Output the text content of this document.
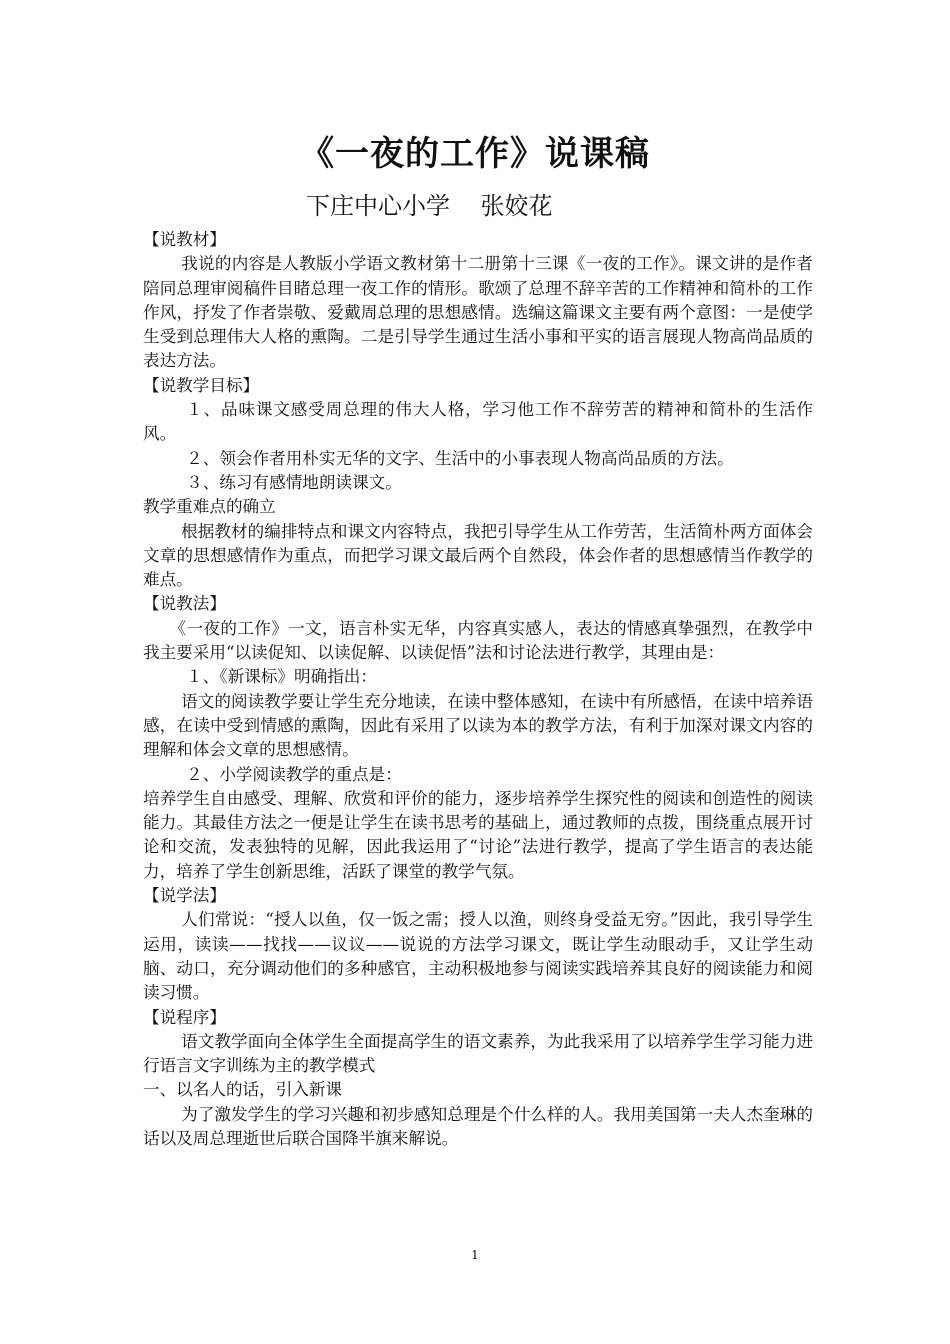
《一夜的工作》说课稿
下庄中心小学    张姣花

【说教材】

我说的内容是人教版小学语文教材第十二册第十三课《一夜的工作》。课文讲的是作者陪同总理审阅稿件目睹总理一夜工作的情形。歌颂了总理不辞辛苦的工作精神和简朴的工作作风，抒发了作者崇敬、爱戴周总理的思想感情。选编这篇课文主要有两个意图：一是使学生受到总理伟大人格的熏陶。二是引导学生通过生活小事和平实的语言展现人物高尚品质的表达方法。

【说教学目标】

１、品味课文感受周总理的伟大人格，学习他工作不辞劳苦的精神和简朴的生活作风。

２、领会作者用朴实无华的文字、生活中的小事表现人物高尚品质的方法。

３、练习有感情地朗读课文。

教学重难点的确立

根据教材的编排特点和课文内容特点，我把引导学生从工作劳苦，生活简朴两方面体会文章的思想感情作为重点，而把学习课文最后两个自然段，体会作者的思想感情当作教学的难点。

【说教法】

《一夜的工作》一文，语言朴实无华，内容真实感人，表达的情感真挚强烈，在教学中我主要采用“以读促知、以读促解、以读促悟”法和讨论法进行教学，其理由是：

１、《新课标》明确指出：

语文的阅读教学要让学生充分地读，在读中整体感知，在读中有所感悟，在读中培养语感，在读中受到情感的熏陶，因此有采用了以读为本的教学方法，有利于加深对课文内容的理解和体会文章的思想感情。

２、小学阅读教学的重点是：

培养学生自由感受、理解、欣赏和评价的能力，逐步培养学生探究性的阅读和创造性的阅读能力。其最佳方法之一便是让学生在读书思考的基础上，通过教师的点拨，围绕重点展开讨论和交流，发表独特的见解，因此我运用了“讨论”法进行教学，提高了学生语言的表达能力，培养了学生创新思维，活跃了课堂的教学气氛。

【说学法】

人们常说：“授人以鱼，仅一饭之需；授人以渔，则终身受益无穷。”因此，我引导学生运用，读读——找找——议议——说说的方法学习课文，既让学生动眼动手，又让学生动脑、动口，充分调动他们的多种感官，主动积极地参与阅读实践培养其良好的阅读能力和阅读习惯。

【说程序】

语文教学面向全体学生全面提高学生的语文素养，为此我采用了以培养学生学习能力进行语言文字训练为主的教学模式

一、以名人的话，引入新课

为了激发学生的学习兴趣和初步感知总理是个什么样的人。我用美国第一夫人杰奎琳的话以及周总理逝世后联合国降半旗来解说。

1
